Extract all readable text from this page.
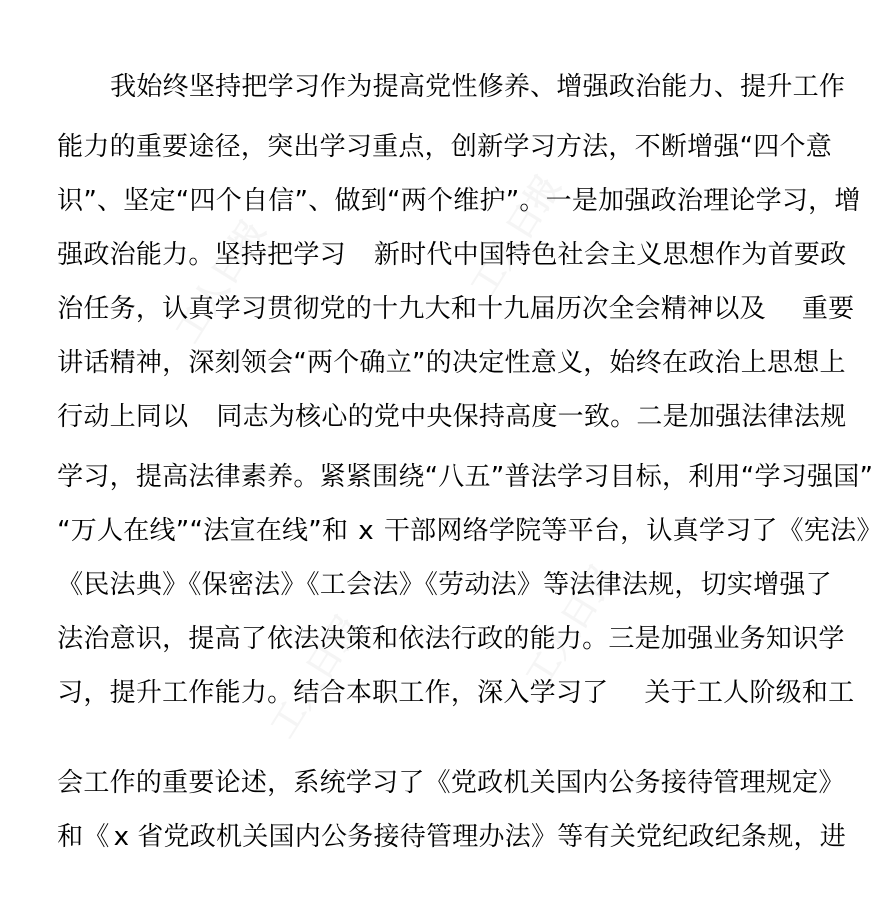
我始终坚持把学习作为提高党性修养、增强政治能力、提升工作

能力的重要途径，突出学习重点，创新学习方法，不断增强“四个意

识”、坚定“四个自信”、做到“两个维护”。一是加强政治理论学习，增

强政治能力。坚持把学习 新时代中国特色社会主义思想作为首要政

治任务，认真学习贯彻党的十九大和十九届历次全会精神以及 重要

讲话精神，深刻领会“两个确立”的决定性意义，始终在政治上思想上

行动上同以 同志为核心的党中央保持高度一致。二是加强法律法规

学习，提高法律素养。紧紧围绕“八五”普法学习目标，利用“学习强国”

“万人在线”“法宣在线”和 x 干部网络学院等平台，认真学习了《宪法》

《民法典》《保密法》《工会法》《劳动法》等法律法规，切实增强了

法治意识，提高了依法决策和依法行政的能力。三是加强业务知识学

习，提升工作能力。结合本职工作，深入学习了 关于工人阶级和工

会工作的重要论述，系统学习了《党政机关国内公务接待管理规定》

和《 x 省党政机关国内公务接待管理办法》等有关党纪政纪条规，进
